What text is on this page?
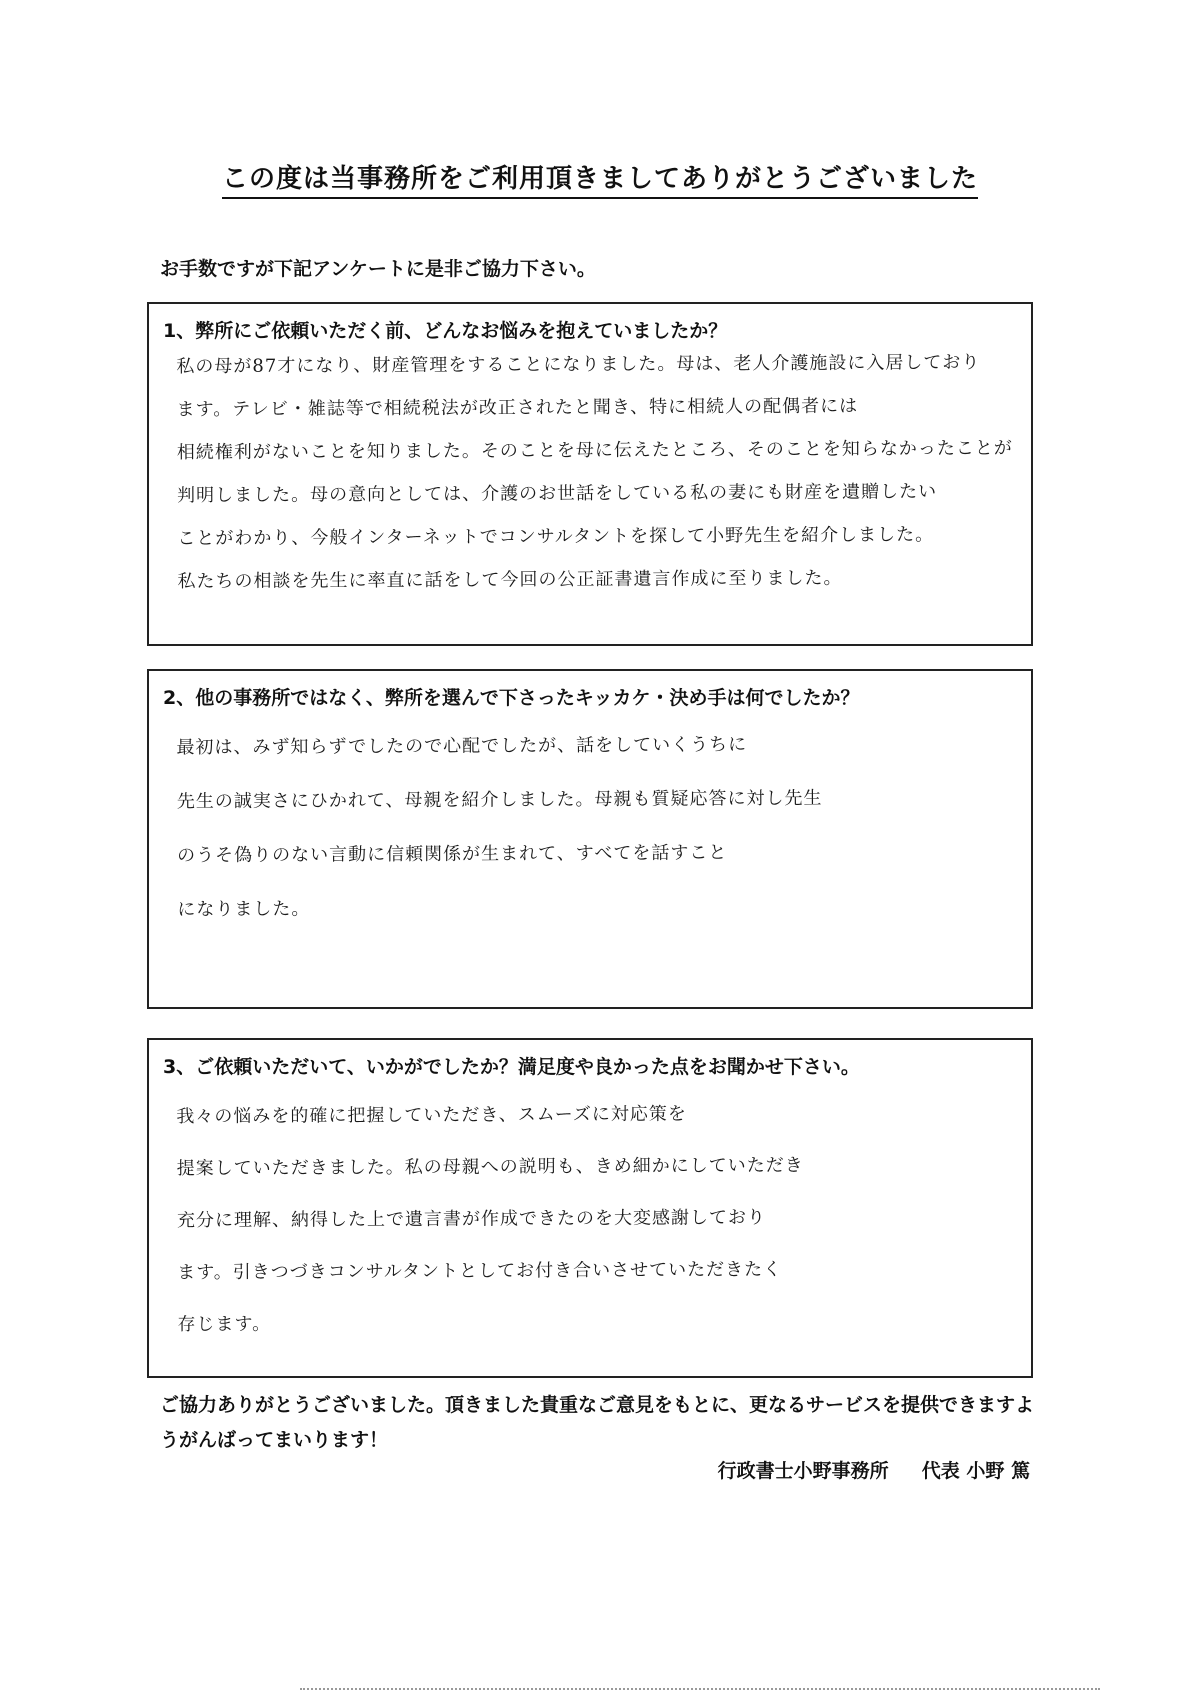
この度は当事務所をご利用頂きましてありがとうございました
お手数ですが下記アンケートに是非ご協力下さい。
1、弊所にご依頼いただく前、どんなお悩みを抱えていましたか？
私の母が87才になり、財産管理をすることになりました。母は、老人介護施設に入居しており
ます。テレビ・雑誌等で相続税法が改正されたと聞き、特に相続人の配偶者には
相続権利がないことを知りました。そのことを母に伝えたところ、そのことを知らなかったことが
判明しました。母の意向としては、介護のお世話をしている私の妻にも財産を遺贈したい
ことがわかり、今般インターネットでコンサルタントを探して小野先生を紹介しました。
私たちの相談を先生に率直に話をして今回の公正証書遺言作成に至りました。
2、他の事務所ではなく、弊所を選んで下さったキッカケ・決め手は何でしたか？
最初は、みず知らずでしたので心配でしたが、話をしていくうちに
先生の誠実さにひかれて、母親を紹介しました。母親も質疑応答に対し先生
のうそ偽りのない言動に信頼関係が生まれて、すべてを話すこと
になりました。
3、ご依頼いただいて、いかがでしたか？満足度や良かった点をお聞かせ下さい。
我々の悩みを的確に把握していただき、スムーズに対応策を
提案していただきました。私の母親への説明も、きめ細かにしていただき
充分に理解、納得した上で遺言書が作成できたのを大変感謝しており
ます。引きつづきコンサルタントとしてお付き合いさせていただきたく
存じます。
ご協力ありがとうございました。頂きました貴重なご意見をもとに、更なるサービスを提供できますようがんばってまいります！
行政書士小野事務所 代表 小野 篤
